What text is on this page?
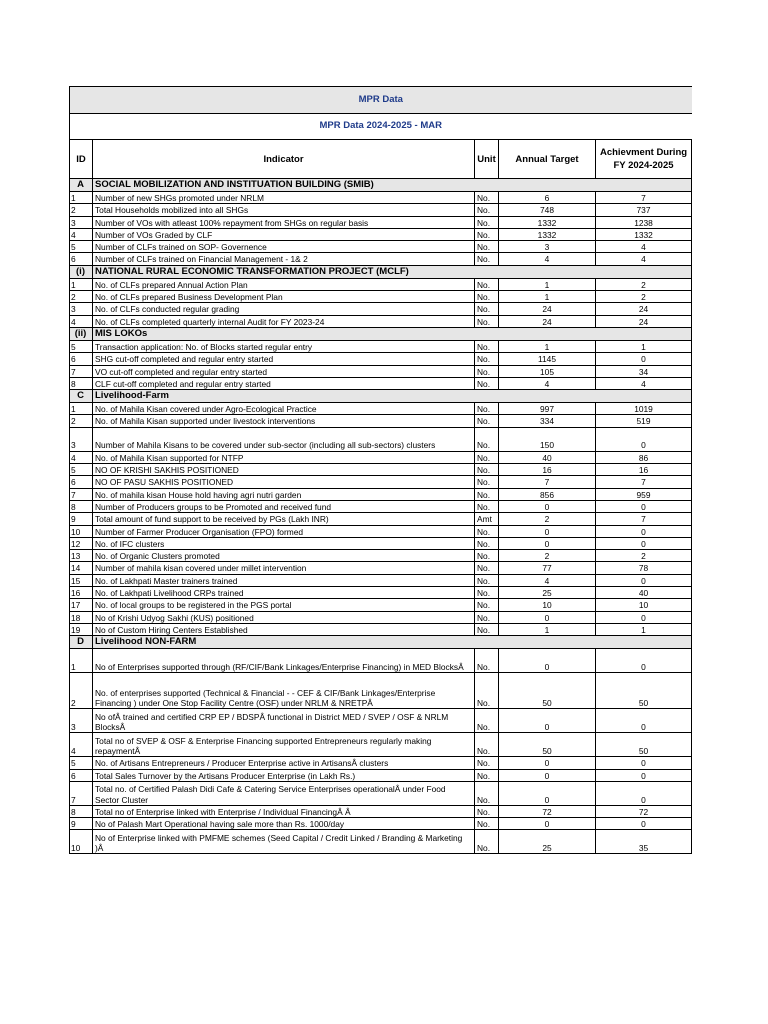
MPR Data				
MPR Data 2024-2025 - MAR				
ID	Indicator	Unit	Annual Target	Achievment During FY 2024-2025
A	SOCIAL MOBILIZATION AND INSTITUATION BUILDING (SMIB)			
1	Number of new SHGs promoted under NRLM	No.	6	7
2	Total Households mobilized into all SHGs	No.	748	737
3	Number of VOs with atleast 100% repayment from SHGs on regular basis	No.	1332	1238
4	Number of VOs Graded by CLF	No.	1332	1332
5	Number of CLFs trained on SOP- Governence	No.	3	4
6	Number of CLFs trained on Financial Management - 1& 2	No.	4	4
(i)	NATIONAL RURAL ECONOMIC TRANSFORMATION PROJECT (MCLF)			
1	No. of CLFs prepared Annual Action Plan	No.	1	2
2	No. of CLFs prepared Business Development Plan	No.	1	2
3	No. of CLFs conducted regular grading	No.	24	24
4	No. of CLFs completed quarterly internal Audit for FY 2023-24	No.	24	24
(ii)	MIS LOKOs			
5	Transaction application: No. of Blocks started regular entry	No.	1	1
6	SHG cut-off completed and regular entry started	No.	1145	0
7	VO cut-off completed and regular entry started	No.	105	34
8	CLF cut-off completed and regular entry started	No.	4	4
C	Livelihood-Farm			
1	No. of Mahila Kisan covered under Agro-Ecological Practice	No.	997	1019
2	No. of Mahila Kisan supported under livestock interventions	No.	334	519
3	Number of Mahila Kisans to be covered under sub-sector (including all sub-sectors) clusters	No.	150	0
4	No. of Mahila Kisan supported for NTFP	No.	40	86
5	NO OF KRISHI SAKHIS POSITIONED	No.	16	16
6	NO OF PASU SAKHIS POSITIONED	No.	7	7
7	No. of mahila kisan House hold having agri nutri garden	No.	856	959
8	Number of Producers groups to be Promoted and received fund	No.	0	0
9	Total amount of fund support to be received by PGs (Lakh INR)	Amt	2	7
10	Number of Farmer Producer Organisation (FPO) formed	No.	0	0
12	No. of IFC clusters	No.	0	0
13	No. of Organic Clusters promoted	No.	2	2
14	Number of mahila kisan covered under millet intervention	No.	77	78
15	No. of Lakhpati Master trainers trained	No.	4	0
16	No. of Lakhpati Livelihood CRPs trained	No.	25	40
17	No. of local groups to be registered in the PGS portal	No.	10	10
18	No of Krishi Udyog Sakhi (KUS) positioned	No.	0	0
19	No of Custom Hiring Centers Established	No.	1	1
D	Livelihood NON-FARM			
1	No of Enterprises supported through (RF/CIF/Bank Linkages/Enterprise Financing) in MED BlocksÂ	No.	0	0
2	No. of enterprises supported (Technical & Financial - - CEF & CIF/Bank Linkages/Enterprise Financing ) under One Stop Facility Centre (OSF) under NRLM & NRETPÂ	No.	50	50
3	No ofÂ trained and certified CRP EP / BDSPÂ functional in District MED / SVEP / OSF & NRLM BlocksÂ	No.	0	0
4	Total no of SVEP & OSF & Enterprise Financing supported Entrepreneurs regularly making repaymentÂ	No.	50	50
5	No. of Artisans Entrepreneurs / Producer Enterprise active in ArtisansÂ clusters	No.	0	0
6	Total Sales Turnover by the Artisans Producer Enterprise (in Lakh Rs.)	No.	0	0
7	Total no. of Certified Palash Didi Cafe & Catering Service Enterprises operationalÂ under Food Sector Cluster	No.	0	0
8	Total no of Enterprise linked with Enterprise / Individual FinancingÂ Â	No.	72	72
9	No of Palash Mart Operational having sale more than Rs. 1000/day	No.	0	0
10	No of Enterprise linked with PMFME schemes (Seed Capital / Credit Linked / Branding & Marketing )Â	No.	25	35
